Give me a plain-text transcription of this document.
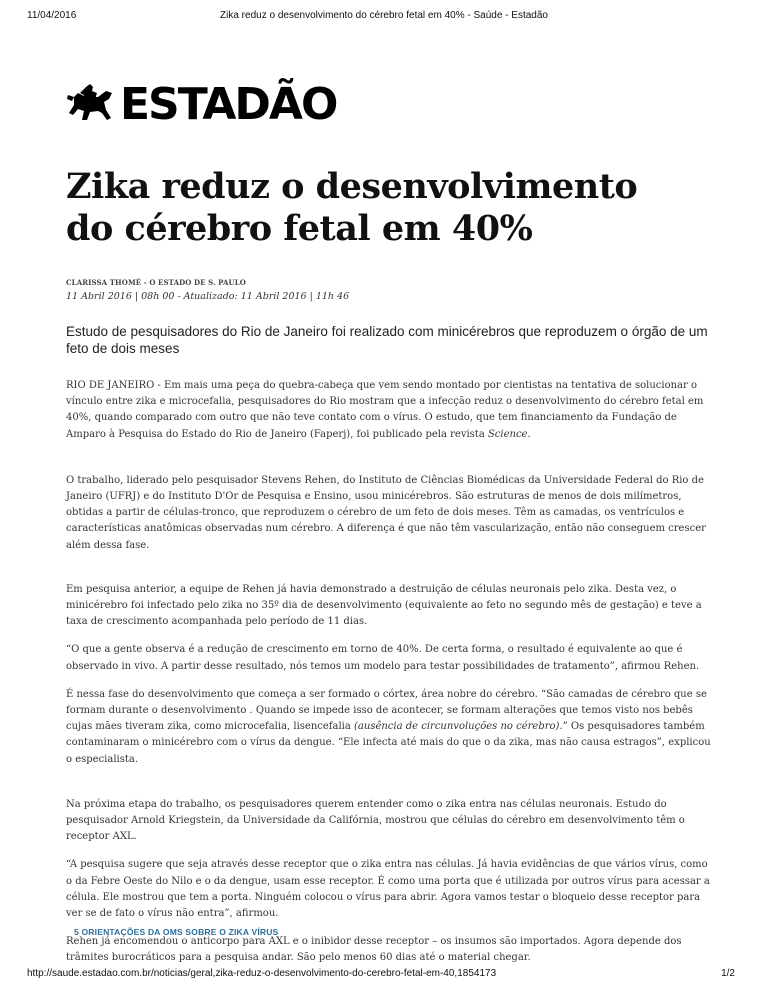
11/04/2016	Zika reduz o desenvolvimento do cérebro fetal em 40% - Saúde - Estadão
ESTADÃO
Zika reduz o desenvolvimento do cérebro fetal em 40%
CLARISSA THOMÉ - O ESTADO DE S. PAULO
11 Abril 2016 | 08h 00 - Atualizado: 11 Abril 2016 | 11h 46
Estudo de pesquisadores do Rio de Janeiro foi realizado com minicérebros que reproduzem o órgão de um feto de dois meses

RIO DE JANEIRO - Em mais uma peça do quebra-cabeça que vem sendo montado por cientistas na tentativa de solucionar o vínculo entre zika e microcefalia, pesquisadores do Rio mostram que a infecção reduz o desenvolvimento do cérebro fetal em 40%, quando comparado com outro que não teve contato com o vírus. O estudo, que tem financiamento da Fundação de Amparo à Pesquisa do Estado do Rio de Janeiro (Faperj), foi publicado pela revista Science.

O trabalho, liderado pelo pesquisador Stevens Rehen, do Instituto de Ciências Biomédicas da Universidade Federal do Rio de Janeiro (UFRJ) e do Instituto D'Or de Pesquisa e Ensino, usou minicérebros. São estruturas de menos de dois milímetros, obtidas a partir de células-tronco, que reproduzem o cérebro de um feto de dois meses. Têm as camadas, os ventrículos e características anatômicas observadas num cérebro. A diferença é que não têm vascularização, então não conseguem crescer além dessa fase.

Em pesquisa anterior, a equipe de Rehen já havia demonstrado a destruição de células neuronais pelo zika. Desta vez, o minicérebro foi infectado pelo zika no 35º dia de desenvolvimento (equivalente ao feto no segundo mês de gestação) e teve a taxa de crescimento acompanhada pelo período de 11 dias.

“O que a gente observa é a redução de crescimento em torno de 40%. De certa forma, o resultado é equivalente ao que é observado in vivo. A partir desse resultado, nós temos um modelo para testar possibilidades de tratamento”, afirmou Rehen.

É nessa fase do desenvolvimento que começa a ser formado o córtex, área nobre do cérebro. “São camadas de cérebro que se formam durante o desenvolvimento . Quando se impede isso de acontecer, se formam alterações que temos visto nos bebês cujas mães tiveram zika, como microcefalia, lisencefalia (ausência de circunvoluções no cérebro).” Os pesquisadores também contaminaram o minicérebro com o vírus da dengue. “Ele infecta até mais do que o da zika, mas não causa estragos”, explicou o especialista.

Na próxima etapa do trabalho, os pesquisadores querem entender como o zika entra nas células neuronais. Estudo do pesquisador Arnold Kriegstein, da Universidade da Califórnia, mostrou que células do cérebro em desenvolvimento têm o receptor AXL.

“A pesquisa sugere que seja através desse receptor que o zika entra nas células. Já havia evidências de que vários vírus, como o da Febre Oeste do Nilo e o da dengue, usam esse receptor. É como uma porta que é utilizada por outros vírus para acessar a célula. Ele mostrou que tem a porta. Ninguém colocou o vírus para abrir. Agora vamos testar o bloqueio desse receptor para ver se de fato o vírus não entra”, afirmou.

Rehen já encomendou o anticorpo para AXL e o inibidor desse receptor – os insumos são importados. Agora depende dos trâmites burocráticos para a pesquisa andar. São pelo menos 60 dias até o material chegar.

5 ORIENTAÇÕES DA OMS SOBRE O ZIKA VÍRUS
http://saude.estadao.com.br/noticias/geral,zika-reduz-o-desenvolvimento-do-cerebro-fetal-em-40,1854173	1/2
